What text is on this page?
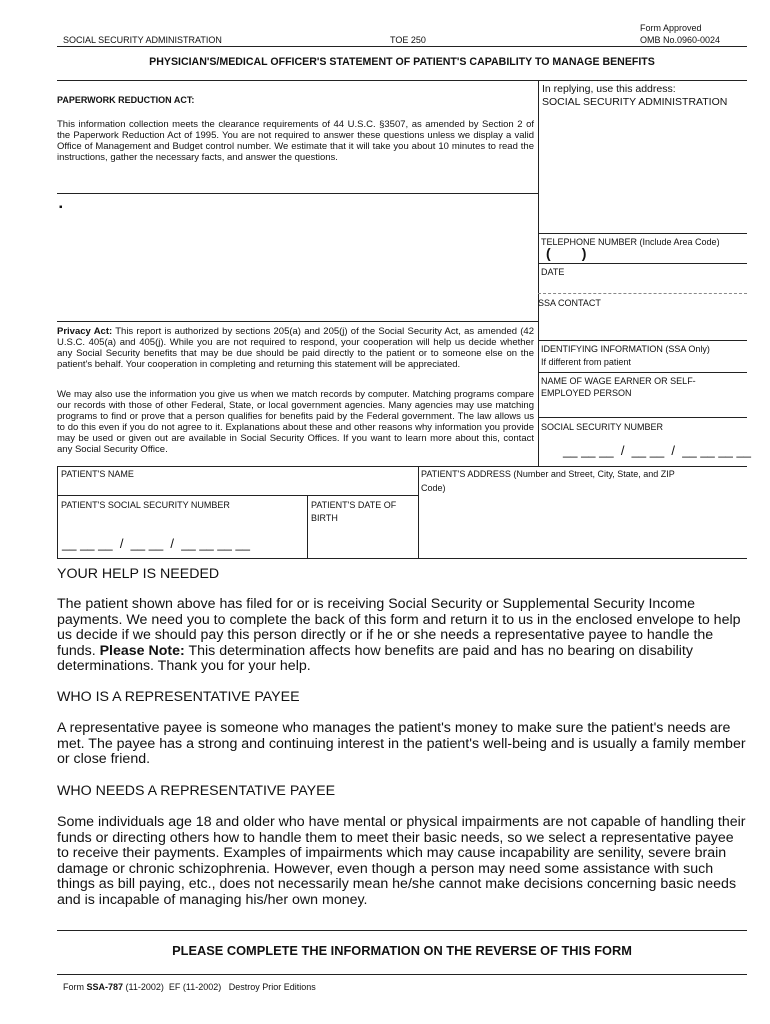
Form Approved
SOCIAL SECURITY ADMINISTRATION	TOE 250	OMB No.0960-0024
PHYSICIAN'S/MEDICAL OFFICER'S STATEMENT OF PATIENT'S CAPABILITY TO MANAGE BENEFITS
PAPERWORK REDUCTION ACT:
This information collection meets the clearance requirements of 44 U.S.C. §3507, as amended by Section 2 of the Paperwork Reduction Act of 1995. You are not required to answer these questions unless we display a valid Office of Management and Budget control number. We estimate that it will take you about 10 minutes to read the instructions, gather the necessary facts, and answer the questions.
▪
In replying, use this address:
SOCIAL SECURITY ADMINISTRATION
TELEPHONE NUMBER (Include Area Code)
(        )
DATE
SSA CONTACT
IDENTIFYING INFORMATION (SSA Only)
If different from patient
NAME OF WAGE EARNER OR SELF-
EMPLOYED PERSON
SOCIAL SECURITY NUMBER
__ __ __  /  __ __  /  __ __ __ __
Privacy Act: This report is authorized by sections 205(a) and 205(j) of the Social Security Act, as amended (42 U.S.C. 405(a) and 405(j). While you are not required to respond, your cooperation will help us decide whether any Social Security benefits that may be due should be paid directly to the patient or to someone else on the patient's behalf. Your cooperation in completing and returning this statement will be appreciated.
We may also use the information you give us when we match records by computer. Matching programs compare our records with those of other Federal, State, or local government agencies. Many agencies may use matching programs to find or prove that a person qualifies for benefits paid by the Federal government. The law allows us to do this even if you do not agree to it. Explanations about these and other reasons why information you provide may be used or given out are available in Social Security Offices. If you want to learn more about this, contact any Social Security Office.
PATIENT'S NAME	PATIENT'S ADDRESS (Number and Street, City, State, and ZIP
Code)
PATIENT'S SOCIAL SECURITY NUMBER	PATIENT'S DATE OF
BIRTH
__ __ __  /  __ __  /  __ __ __ __
YOUR HELP IS NEEDED
The patient shown above has filed for or is receiving Social Security or Supplemental Security Income payments. We need you to complete the back of this form and return it to us in the enclosed envelope to help us decide if we should pay this person directly or if he or she needs a representative payee to handle the funds. Please Note: This determination affects how benefits are paid and has no bearing on disability determinations. Thank you for your help.
WHO IS A REPRESENTATIVE PAYEE
A representative payee is someone who manages the patient's money to make sure the patient's needs are met. The payee has a strong and continuing interest in the patient's well-being and is usually a family member or close friend.
WHO NEEDS A REPRESENTATIVE PAYEE
Some individuals age 18 and older who have mental or physical impairments are not capable of handling their funds or directing others how to handle them to meet their basic needs, so we select a representative payee to receive their payments. Examples of impairments which may cause incapability are senility, severe brain damage or chronic schizophrenia. However, even though a person may need some assistance with such things as bill paying, etc., does not necessarily mean he/she cannot make decisions concerning basic needs and is incapable of managing his/her own money.
PLEASE COMPLETE THE INFORMATION ON THE REVERSE OF THIS FORM
Form SSA-787 (11-2002)  EF (11-2002)   Destroy Prior Editions
